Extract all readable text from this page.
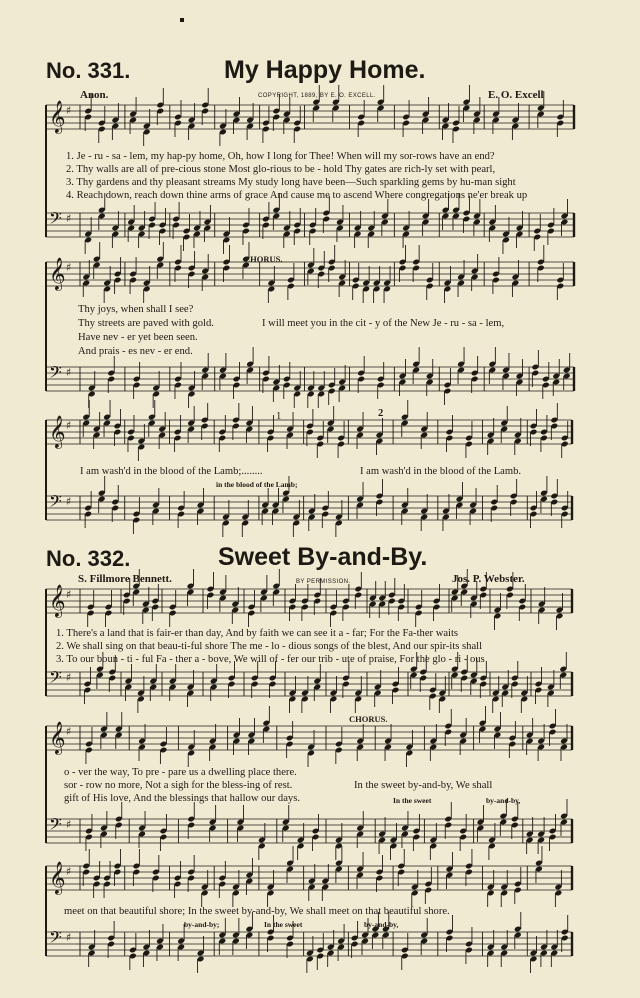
𝄞 ♯
𝄢 ♯
𝄞 ♯
𝄢 ♯
𝄞 ♯
𝄢 ♯
𝄞 ♯
𝄢 ♯
𝄞 ♯
𝄢 ♯
𝄞 ♯
𝄢 ♯
No. 331.	My Happy Home.
Anon.	COPYRIGHT, 1889, BY E. O. EXCELL.	E. O. Excell
1. Je - ru - sa - lem, my hap-py home, Oh, how I long for Thee! When will my sor-rows have an end?
2. Thy walls are all of pre-cious stone Most glo-rious to be - hold Thy gates are rich-ly set with pearl,
3. Thy gardens and thy pleasant streams My study long have been—Such sparkling gems by hu-man sight
4. Reach down, reach down thine arms of grace And cause me to ascend Where congregations ne'er break up
CHORUS.
Thy joys, when shall I see?
Thy streets are paved with gold.
Have nev - er yet been seen.
And prais - es nev - er end.
I will meet you in the cit - y of the New Je - ru - sa - lem,
1	2
I am wash'd in the blood of the Lamb;........	I am wash'd in the blood of the Lamb.
in the blood of the Lamb;
No. 332.	Sweet By-and-By.
S. Fillmore Bennett.	BY PERMISSION.	Jos. P. Webster.
1. There's a land that is fair-er than day, And by faith we can see it a - far; For the Fa-ther waits
2. We shall sing on that beau-ti-ful shore The me - lo - dious songs of the blest, And our spir-its shall
3. To our boun - ti - ful Fa - ther a - bove, We will of - fer our trib - ute of praise, For the glo - ri - ous
CHORUS.
o - ver the way, To pre - pare us a dwelling place there.
sor - row no more, Not a sigh for the bless-ing of rest.
gift of His love, And the blessings that hallow our days.
In the sweet by-and-by, We shall
In the sweet	by-and-by,
meet on that beautiful shore; In the sweet by-and-by, We shall meet on that beautiful shore.
by-and-by;	In the sweet	by-and-by,
